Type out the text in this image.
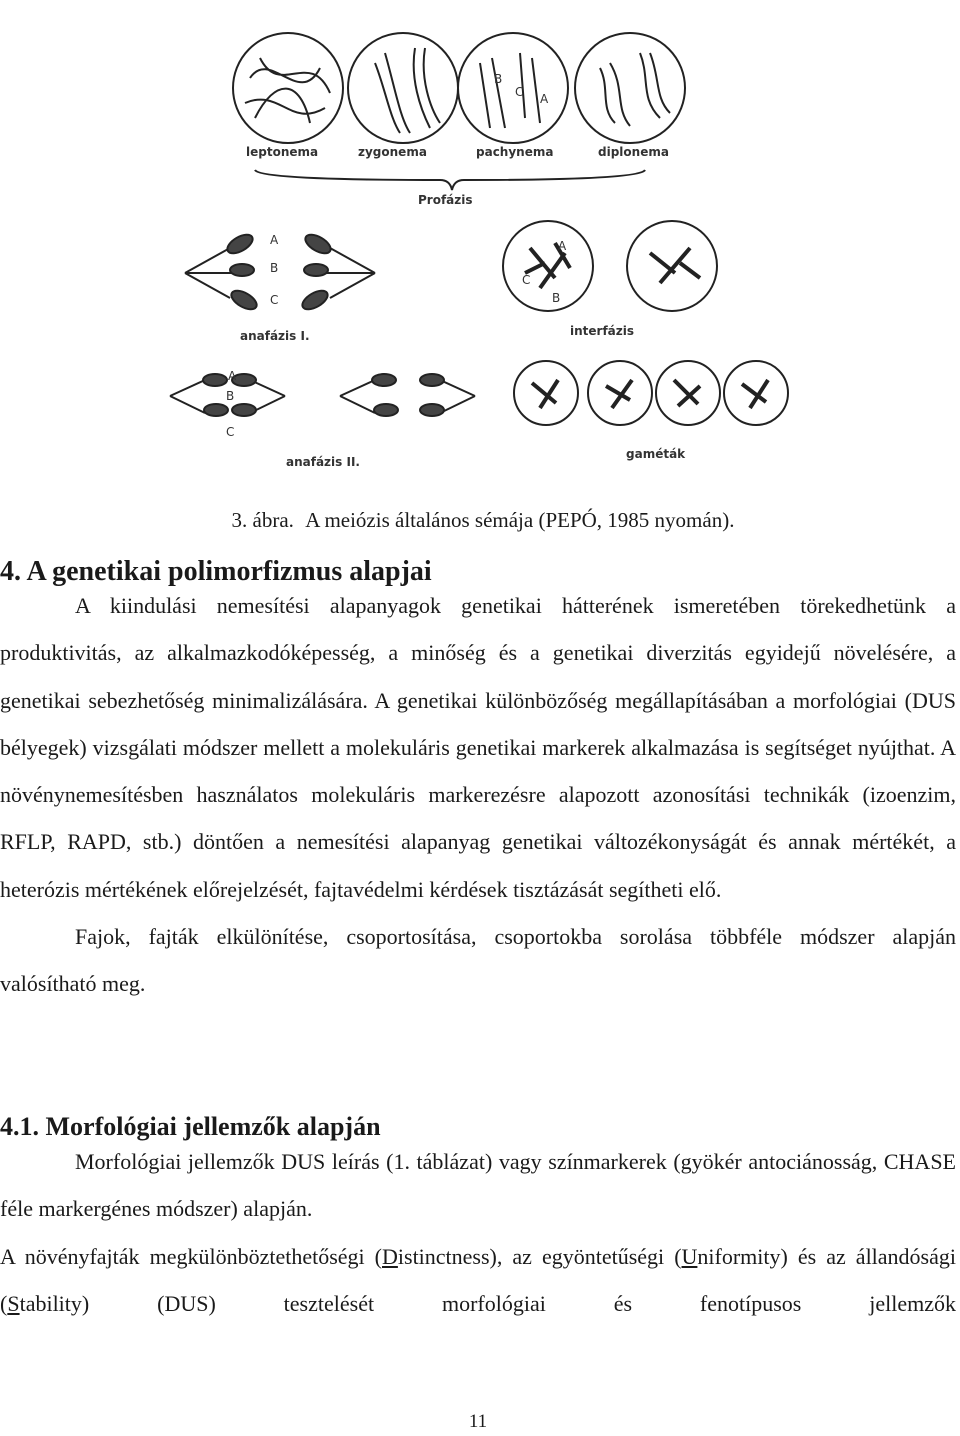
B
C A
leptonema	zygonema	pachynema	diplonema
Profázis
A
B
C
anafázis I.
A
C
B
interfázis
A
B
C
anafázis II.
gaméták
3. ábra. A meiózis általános sémája (PEPÓ, 1985 nyomán).
4. A genetikai polimorfizmus alapjai

A kiindulási nemesítési alapanyagok genetikai hátterének ismeretében törekedhetünk a produktivitás, az alkalmazkodóképesség, a minőség és a genetikai diverzitás egyidejű növelésére, a genetikai sebezhetőség minimalizálására. A genetikai különbözőség megállapításában a morfológiai (DUS bélyegek) vizsgálati módszer mellett a molekuláris genetikai markerek alkalmazása is segítséget nyújthat. A növénynemesítésben használatos molekuláris markerezésre alapozott azonosítási technikák (izoenzim, RFLP, RAPD, stb.) döntően a nemesítési alapanyag genetikai változékonyságát és annak mértékét, a heterózis mértékének előrejelzését, fajtavédelmi kérdések tisztázását segítheti elő.

Fajok, fajták elkülönítése, csoportosítása, csoportokba sorolása többféle módszer alapján valósítható meg.

4.1. Morfológiai jellemzők alapján

Morfológiai jellemzők DUS leírás (1. táblázat) vagy színmarkerek (gyökér antociánosság, CHASE féle markergénes módszer) alapján.

A növényfajták megkülönböztethetőségi (Distinctness), az egyöntetűségi (Uniformity) és az állandósági (Stability) (DUS) tesztelését morfológiai és fenotípusos jellemzők

11
